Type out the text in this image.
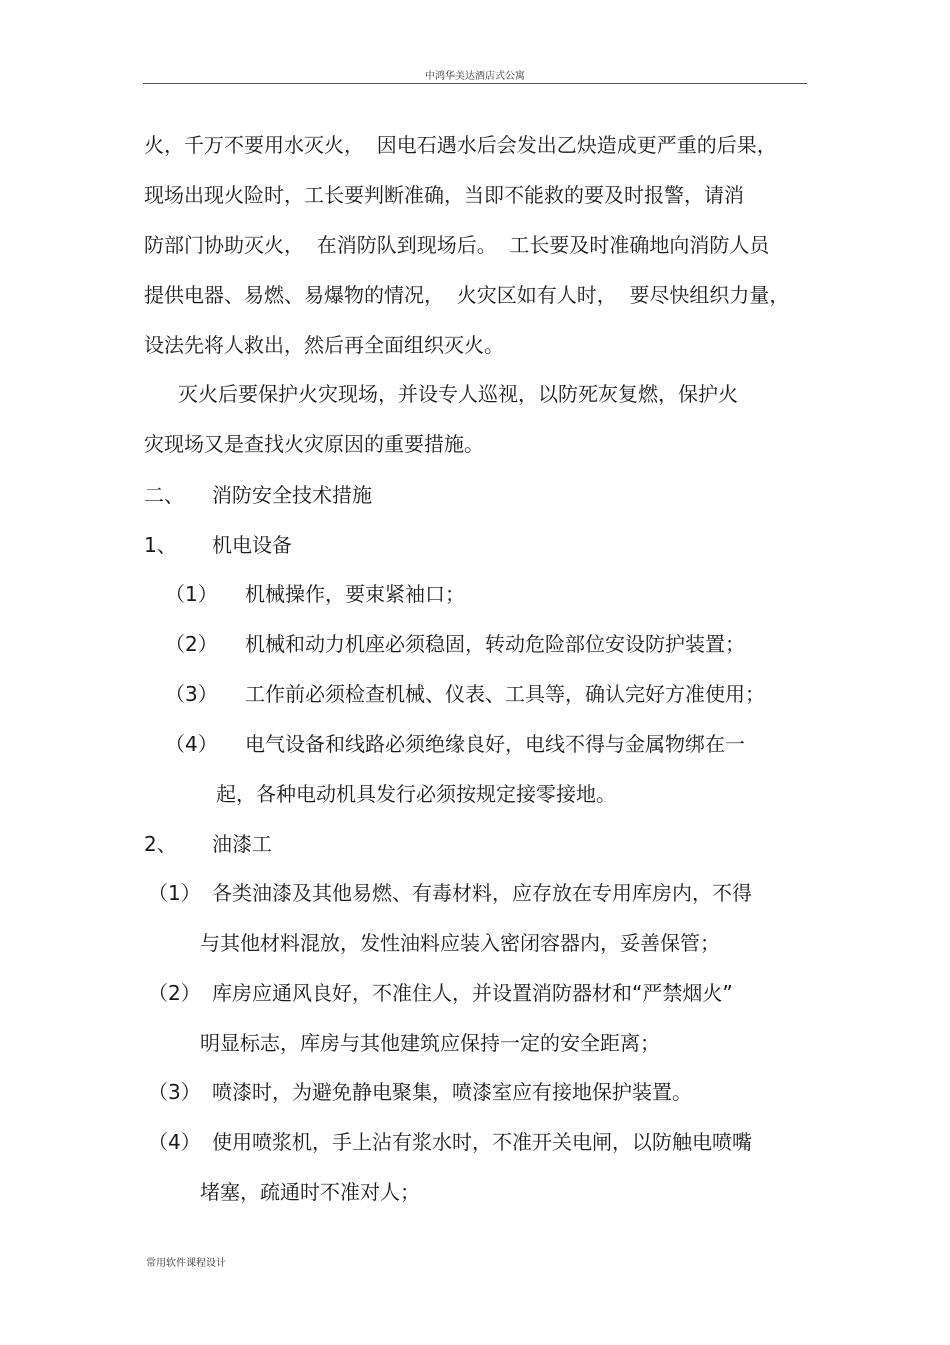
中鸿华美达酒店式公寓
火，千万不要用水灭火，  因电石遇水后会发出乙炔造成更严重的后果，
现场出现火险时，工长要判断准确，当即不能救的要及时报警，请消
防部门协助灭火，  在消防队到现场后。  工长要及时准确地向消防人员
提供电器、易燃、易爆物的情况，  火灾区如有人时，  要尽快组织力量，
设法先将人救出，然后再全面组织灭火。
灭火后要保护火灾现场，并设专人巡视，以防死灰复燃，保护火
灾现场又是查找火灾原因的重要措施。
二、 消防安全技术措施
1、 机电设备
（1） 机械操作，要束紧袖口；
（2） 机械和动力机座必须稳固，转动危险部位安设防护装置；
（3） 工作前必须检查机械、仪表、工具等，确认完好方准使用；
（4） 电气设备和线路必须绝缘良好，电线不得与金属物绑在一
起，各种电动机具发行必须按规定接零接地。
2、 油漆工
（1） 各类油漆及其他易燃、有毒材料，应存放在专用库房内，不得
与其他材料混放，发性油料应装入密闭容器内，妥善保管；
（2） 库房应通风良好，不准住人，并设置消防器材和“严禁烟火”
明显标志，库房与其他建筑应保持一定的安全距离；
（3） 喷漆时，为避免静电聚集，喷漆室应有接地保护装置。
（4） 使用喷浆机，手上沾有浆水时，不准开关电闸，以防触电喷嘴
堵塞，疏通时不准对人；
常用软件课程设计
